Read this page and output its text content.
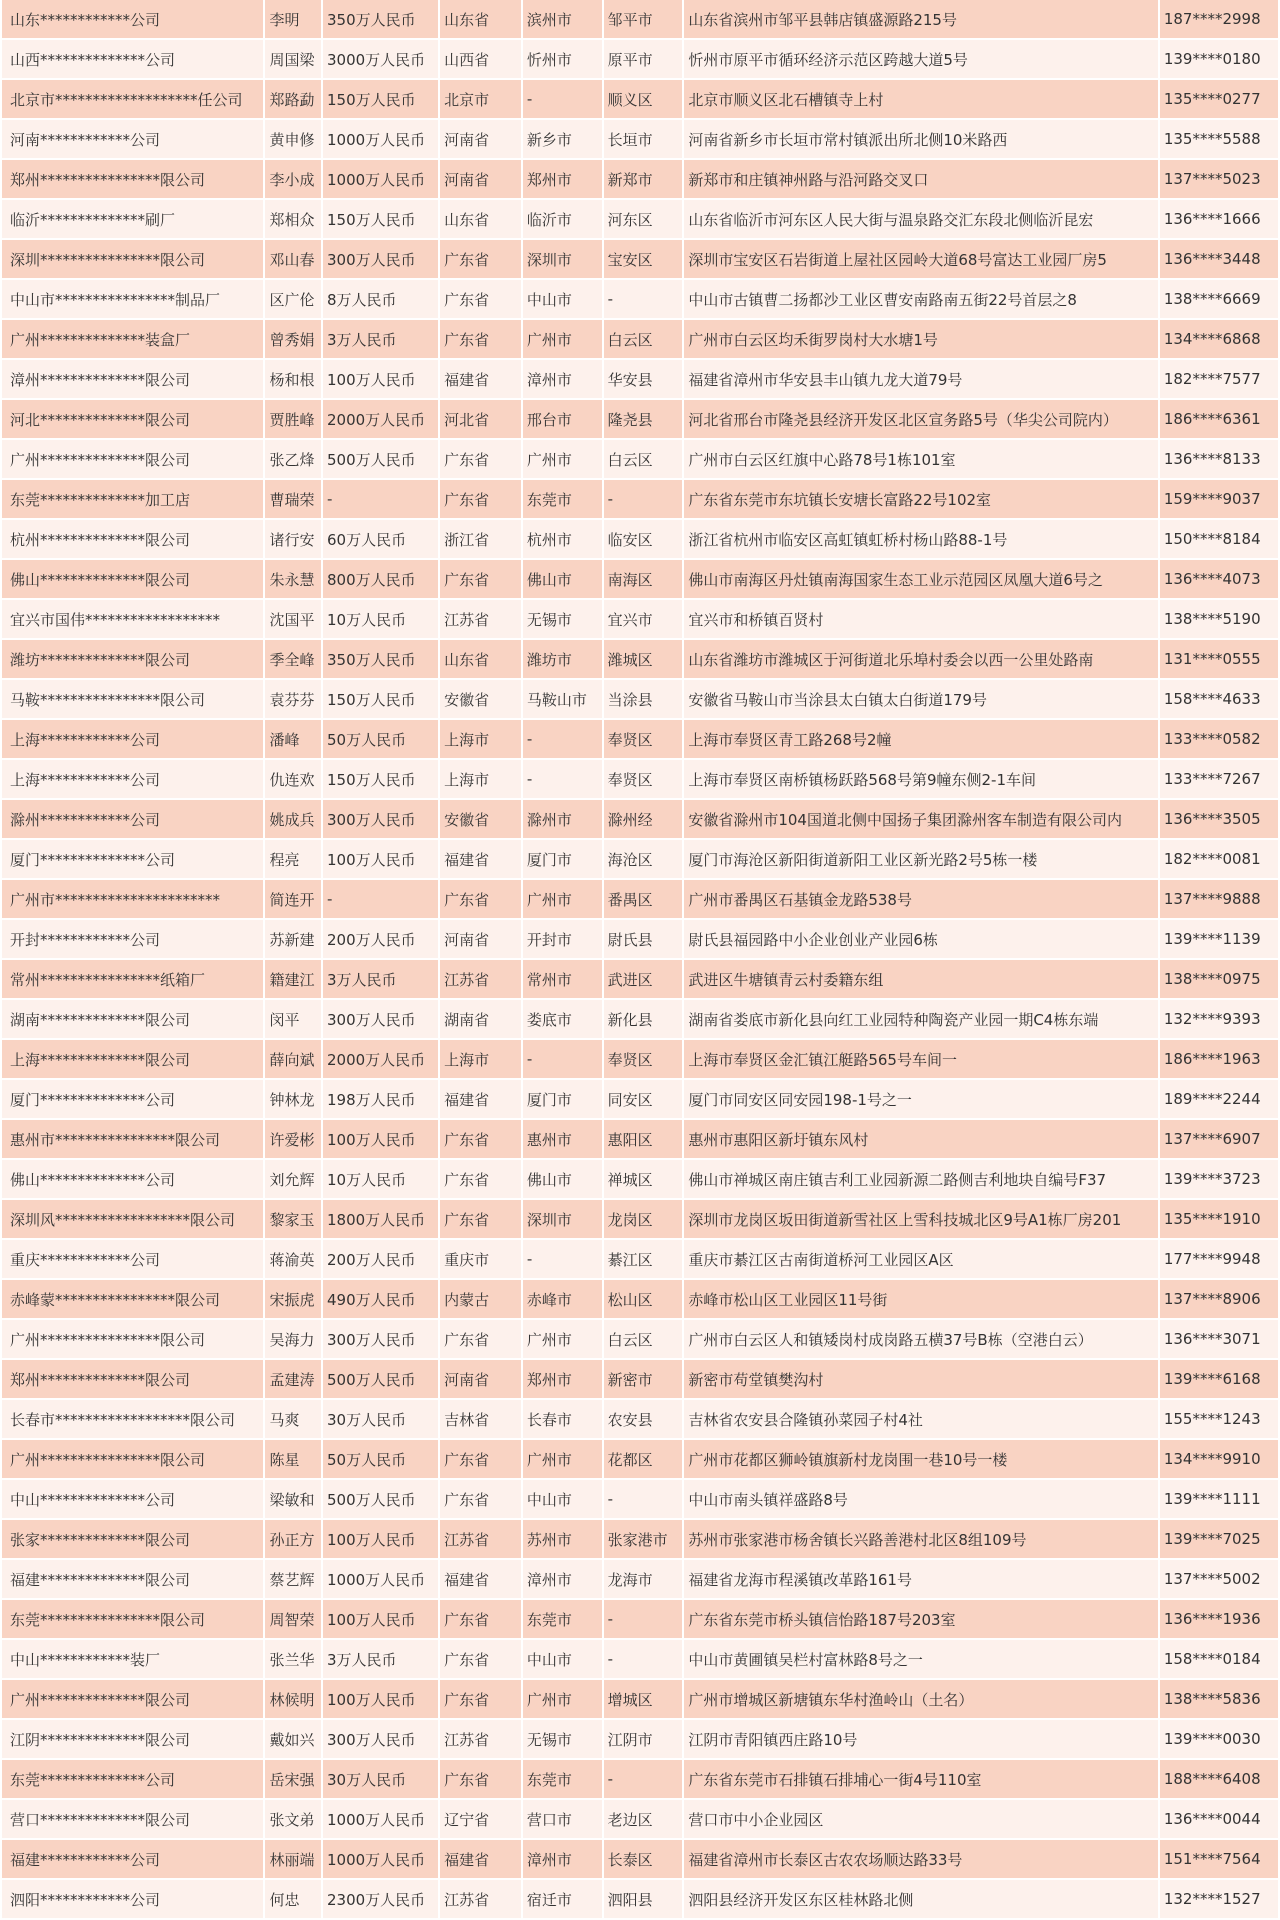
山东************公司	李明	350万人民币	山东省	滨州市	邹平市	山东省滨州市邹平县韩店镇盛源路215号	187****2998
山西**************公司	周国梁	3000万人民币	山西省	忻州市	原平市	忻州市原平市循环经济示范区跨越大道5号	139****0180
北京市*******************任公司	郑路勐	150万人民币	北京市	-	顺义区	北京市顺义区北石槽镇寺上村	135****0277
河南************公司	黄申修	1000万人民币	河南省	新乡市	长垣市	河南省新乡市长垣市常村镇派出所北侧10米路西	135****5588
郑州****************限公司	李小成	1000万人民币	河南省	郑州市	新郑市	新郑市和庄镇神州路与沿河路交叉口	137****5023
临沂**************刷厂	郑相众	150万人民币	山东省	临沂市	河东区	山东省临沂市河东区人民大街与温泉路交汇东段北侧临沂昆宏	136****1666
深圳****************限公司	邓山春	300万人民币	广东省	深圳市	宝安区	深圳市宝安区石岩街道上屋社区园岭大道68号富达工业园厂房5	136****3448
中山市****************制品厂	区广伦	8万人民币	广东省	中山市	-	中山市古镇曹二扬都沙工业区曹安南路南五街22号首层之8	138****6669
广州**************装盒厂	曾秀娟	3万人民币	广东省	广州市	白云区	广州市白云区均禾街罗岗村大水塘1号	134****6868
漳州**************限公司	杨和根	100万人民币	福建省	漳州市	华安县	福建省漳州市华安县丰山镇九龙大道79号	182****7577
河北**************限公司	贾胜峰	2000万人民币	河北省	邢台市	隆尧县	河北省邢台市隆尧县经济开发区北区宣务路5号（华尖公司院内）	186****6361
广州**************限公司	张乙烽	500万人民币	广东省	广州市	白云区	广州市白云区红旗中心路78号1栋101室	136****8133
东莞**************加工店	曹瑞荣	-	广东省	东莞市	-	广东省东莞市东坑镇长安塘长富路22号102室	159****9037
杭州**************限公司	诸行安	60万人民币	浙江省	杭州市	临安区	浙江省杭州市临安区高虹镇虹桥村杨山路88-1号	150****8184
佛山**************限公司	朱永慧	800万人民币	广东省	佛山市	南海区	佛山市南海区丹灶镇南海国家生态工业示范园区凤凰大道6号之	136****4073
宜兴市国伟******************	沈国平	10万人民币	江苏省	无锡市	宜兴市	宜兴市和桥镇百贤村	138****5190
潍坊**************限公司	季全峰	350万人民币	山东省	潍坊市	潍城区	山东省潍坊市潍城区于河街道北乐埠村委会以西一公里处路南	131****0555
马鞍****************限公司	袁芬芬	150万人民币	安徽省	马鞍山市	当涂县	安徽省马鞍山市当涂县太白镇太白街道179号	158****4633
上海************公司	潘峰	50万人民币	上海市	-	奉贤区	上海市奉贤区青工路268号2幢	133****0582
上海************公司	仇连欢	150万人民币	上海市	-	奉贤区	上海市奉贤区南桥镇杨跃路568号第9幢东侧2-1车间	133****7267
滁州************公司	姚成兵	300万人民币	安徽省	滁州市	滁州经	安徽省滁州市104国道北侧中国扬子集团滁州客车制造有限公司内	136****3505
厦门**************公司	程亮	100万人民币	福建省	厦门市	海沧区	厦门市海沧区新阳街道新阳工业区新光路2号5栋一楼	182****0081
广州市**********************	简连开	-	广东省	广州市	番禺区	广州市番禺区石基镇金龙路538号	137****9888
开封************公司	苏新建	200万人民币	河南省	开封市	尉氏县	尉氏县福园路中小企业创业产业园6栋	139****1139
常州****************纸箱厂	籍建江	3万人民币	江苏省	常州市	武进区	武进区牛塘镇青云村委籍东组	138****0975
湖南**************限公司	闵平	300万人民币	湖南省	娄底市	新化县	湖南省娄底市新化县向红工业园特种陶瓷产业园一期C4栋东端	132****9393
上海**************限公司	薛向斌	2000万人民币	上海市	-	奉贤区	上海市奉贤区金汇镇江艇路565号车间一	186****1963
厦门**************公司	钟林龙	198万人民币	福建省	厦门市	同安区	厦门市同安区同安园198-1号之一	189****2244
惠州市****************限公司	许爱彬	100万人民币	广东省	惠州市	惠阳区	惠州市惠阳区新圩镇东风村	137****6907
佛山**************公司	刘允辉	10万人民币	广东省	佛山市	禅城区	佛山市禅城区南庄镇吉利工业园新源二路侧吉利地块自编号F37	139****3723
深圳风******************限公司	黎家玉	1800万人民币	广东省	深圳市	龙岗区	深圳市龙岗区坂田街道新雪社区上雪科技城北区9号A1栋厂房201	135****1910
重庆************公司	蒋渝英	200万人民币	重庆市	-	綦江区	重庆市綦江区古南街道桥河工业园区A区	177****9948
赤峰蒙****************限公司	宋振虎	490万人民币	内蒙古	赤峰市	松山区	赤峰市松山区工业园区11号街	137****8906
广州****************限公司	吴海力	300万人民币	广东省	广州市	白云区	广州市白云区人和镇矮岗村成岗路五横37号B栋（空港白云）	136****3071
郑州**************限公司	孟建涛	500万人民币	河南省	郑州市	新密市	新密市苟堂镇樊沟村	139****6168
长春市******************限公司	马爽	30万人民币	吉林省	长春市	农安县	吉林省农安县合隆镇孙菜园子村4社	155****1243
广州****************限公司	陈星	50万人民币	广东省	广州市	花都区	广州市花都区狮岭镇旗新村龙岗围一巷10号一楼	134****9910
中山**************公司	梁敏和	500万人民币	广东省	中山市	-	中山市南头镇祥盛路8号	139****1111
张家**************限公司	孙正方	100万人民币	江苏省	苏州市	张家港市	苏州市张家港市杨舍镇长兴路善港村北区8组109号	139****7025
福建**************限公司	蔡艺辉	1000万人民币	福建省	漳州市	龙海市	福建省龙海市程溪镇改革路161号	137****5002
东莞****************限公司	周智荣	100万人民币	广东省	东莞市	-	广东省东莞市桥头镇信怡路187号203室	136****1936
中山************装厂	张兰华	3万人民币	广东省	中山市	-	中山市黄圃镇吴栏村富林路8号之一	158****0184
广州**************限公司	林候明	100万人民币	广东省	广州市	增城区	广州市增城区新塘镇东华村渔岭山（土名）	138****5836
江阴**************限公司	戴如兴	300万人民币	江苏省	无锡市	江阴市	江阴市青阳镇西庄路10号	139****0030
东莞**************公司	岳宋强	30万人民币	广东省	东莞市	-	广东省东莞市石排镇石排埔心一街4号110室	188****6408
营口**************限公司	张文弟	1000万人民币	辽宁省	营口市	老边区	营口市中小企业园区	136****0044
福建************公司	林丽端	1000万人民币	福建省	漳州市	长泰区	福建省漳州市长泰区古农农场顺达路33号	151****7564
泗阳************公司	何忠	2300万人民币	江苏省	宿迁市	泗阳县	泗阳县经济开发区东区桂林路北侧	132****1527
